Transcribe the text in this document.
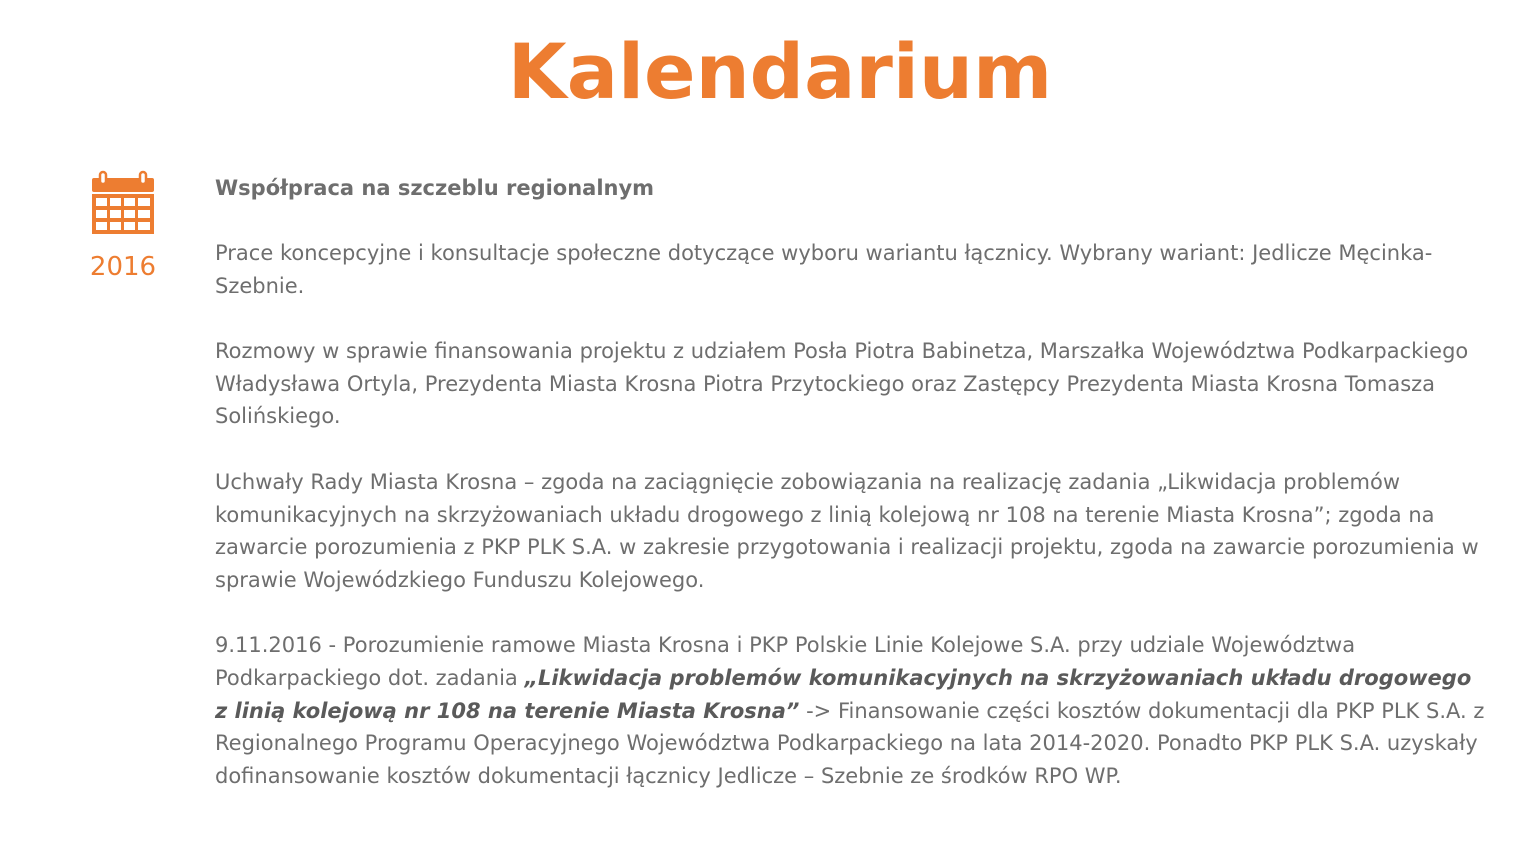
Kalendarium
2016
Współpraca na szczeblu regionalnym
Prace koncepcyjne i konsultacje społeczne dotyczące wyboru wariantu łącznicy. Wybrany wariant: Jedlicze Męcinka-Szebnie.
Rozmowy w sprawie finansowania projektu z udziałem Posła Piotra Babinetza, Marszałka Województwa Podkarpackiego Władysława Ortyla, Prezydenta Miasta Krosna Piotra Przytockiego oraz Zastępcy Prezydenta Miasta Krosna Tomasza Solińskiego.
Uchwały Rady Miasta Krosna – zgoda na zaciągnięcie zobowiązania na realizację zadania „Likwidacja problemów komunikacyjnych na skrzyżowaniach układu drogowego z linią kolejową nr 108 na terenie Miasta Krosna”; zgoda na zawarcie porozumienia z PKP PLK S.A. w zakresie przygotowania i realizacji projektu, zgoda na zawarcie porozumienia w sprawie Wojewódzkiego Funduszu Kolejowego.
9.11.2016 - Porozumienie ramowe Miasta Krosna i PKP Polskie Linie Kolejowe S.A. przy udziale Województwa Podkarpackiego dot. zadania „Likwidacja problemów komunikacyjnych na skrzyżowaniach układu drogowego z linią kolejową nr 108 na terenie Miasta Krosna” -> Finansowanie części kosztów dokumentacji dla PKP PLK S.A. z Regionalnego Programu Operacyjnego Województwa Podkarpackiego na lata 2014-2020. Ponadto PKP PLK S.A. uzyskały dofinansowanie kosztów dokumentacji łącznicy Jedlicze – Szebnie ze środków RPO WP.
